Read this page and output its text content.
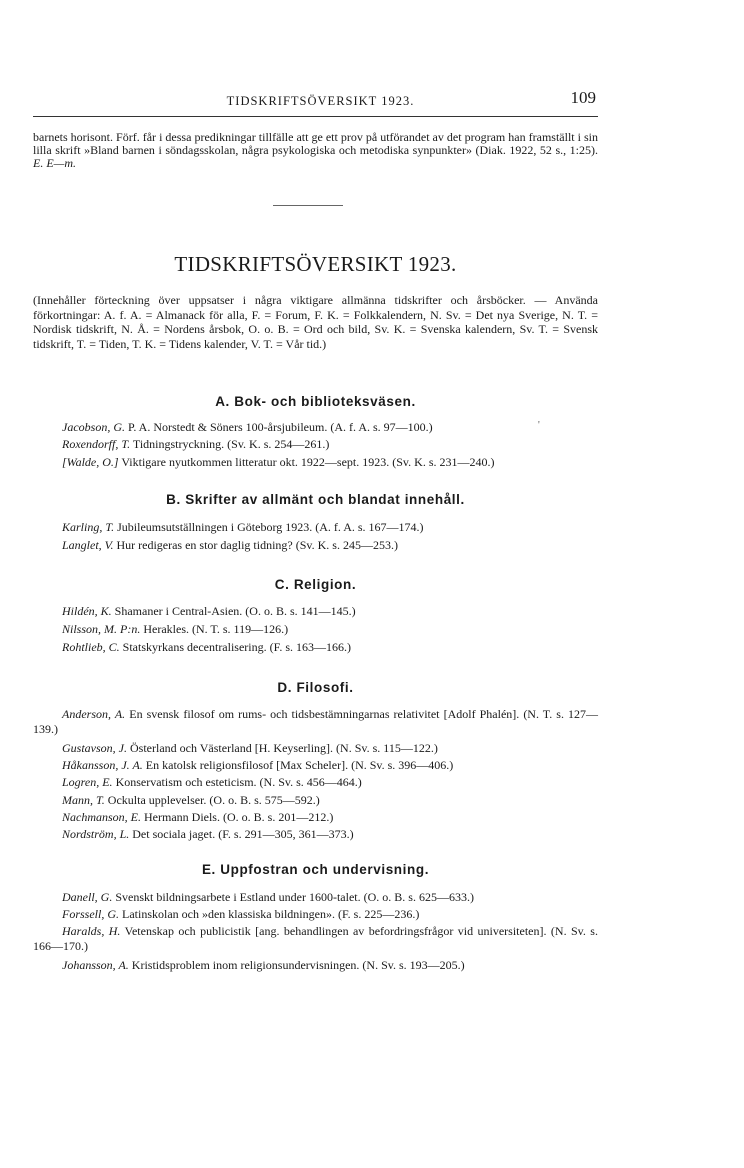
TIDSKRIFTSÖVERSIKT 1923.	109

barnets horisont. Förf. får i dessa predikningar tillfälle att ge ett prov på utförandet av det program han framställt i sin lilla skrift »Bland barnen i söndagsskolan, några psykologiska och metodiska synpunkter» (Diak. 1922, 52 s., 1:25). E. E—m.

TIDSKRIFTSÖVERSIKT 1923.

(Innehåller förteckning över uppsatser i några viktigare allmänna tidskrifter och årsböcker. — Använda förkortningar: A. f. A. = Almanack för alla, F. = Forum, F. K. = Folkkalendern, N. Sv. = Det nya Sverige, N. T. = Nordisk tidskrift, N. Å. = Nordens årsbok, O. o. B. = Ord och bild, Sv. K. = Svenska kalendern, Sv. T. = Svensk tidskrift, T. = Tiden, T. K. = Tidens kalender, V. T. = Vår tid.)

A. Bok- och biblioteksväsen.
Jacobson, G. P. A. Norstedt & Söners 100-årsjubileum. (A. f. A. s. 97—100.)	'
Roxendorff, T. Tidningstryckning. (Sv. K. s. 254—261.)
[Walde, O.] Viktigare nyutkommen litteratur okt. 1922—sept. 1923. (Sv. K. s. 231—240.)
B. Skrifter av allmänt och blandat innehåll.
Karling, T. Jubileumsutställningen i Göteborg 1923. (A. f. A. s. 167—174.)
Langlet, V. Hur redigeras en stor daglig tidning? (Sv. K. s. 245—253.)
C. Religion.
Hildén, K. Shamaner i Central-Asien. (O. o. B. s. 141—145.)
Nilsson, M. P:n. Herakles. (N. T. s. 119—126.)
Rohtlieb, C. Statskyrkans decentralisering. (F. s. 163—166.)
D. Filosofi.
Anderson, A. En svensk filosof om rums- och tidsbestämningarnas relativitet [Adolf Phalén]. (N. T. s. 127—139.)
Gustavson, J. Österland och Västerland [H. Keyserling]. (N. Sv. s. 115—122.)
Håkansson, J. A. En katolsk religionsfilosof [Max Scheler]. (N. Sv. s. 396—406.)
Logren, E. Konservatism och esteticism. (N. Sv. s. 456—464.)
Mann, T. Ockulta upplevelser. (O. o. B. s. 575—592.)
Nachmanson, E. Hermann Diels. (O. o. B. s. 201—212.)
Nordström, L. Det sociala jaget. (F. s. 291—305, 361—373.)
E. Uppfostran och undervisning.
Danell, G. Svenskt bildningsarbete i Estland under 1600-talet. (O. o. B. s. 625—633.)
Forssell, G. Latinskolan och »den klassiska bildningen». (F. s. 225—236.)
Haralds, H. Vetenskap och publicistik [ang. behandlingen av befordringsfrågor vid universiteten]. (N. Sv. s. 166—170.)
Johansson, A. Kristidsproblem inom religionsundervisningen. (N. Sv. s. 193—205.)
